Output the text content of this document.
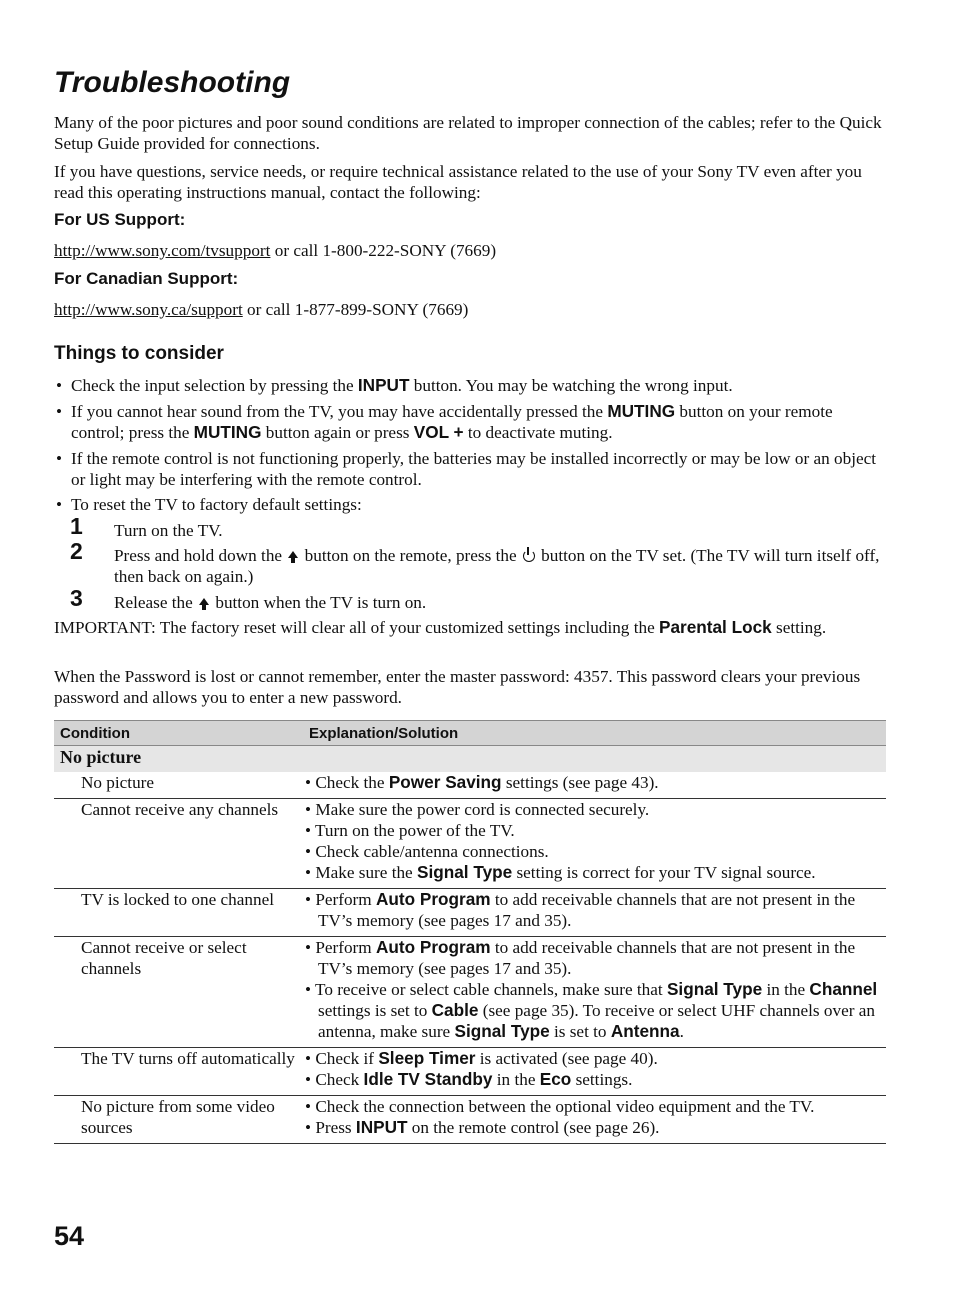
Troubleshooting

Many of the poor pictures and poor sound conditions are related to improper connection of the cables; refer to the Quick Setup Guide provided for connections.

If you have questions, service needs, or require technical assistance related to the use of your Sony TV even after you read this operating instructions manual, contact the following:

For US Support:

http://www.sony.com/tvsupport or call 1-800-222-SONY (7669)

For Canadian Support:

http://www.sony.ca/support or call 1-877-899-SONY (7669)

Things to consider

• Check the input selection by pressing the INPUT button. You may be watching the wrong input.
• If you cannot hear sound from the TV, you may have accidentally pressed the MUTING button on your remote control; press the MUTING button again or press VOL + to deactivate muting.
• If the remote control is not functioning properly, the batteries may be installed incorrectly or may be low or an object or light may be interfering with the remote control.
• To reset the TV to factory default settings:
1 Turn on the TV.
2 Press and hold down the  button on the remote, press the  button on the TV set. (The TV will turn itself off, then back on again.)
3 Release the  button when the TV is turn on.

IMPORTANT: The factory reset will clear all of your customized settings including the Parental Lock setting.

When the Password is lost or cannot remember, enter the master password: 4357. This password clears your previous password and allows you to enter a new password.

Condition	Explanation/Solution
No picture	
No picture	• Check the Power Saving settings (see page 43).

Cannot receive any channels	• Make sure the power cord is connected securely.
• Turn on the power of the TV.
• Check cable/antenna connections.
• Make sure the Signal Type setting is correct for your TV signal source.

TV is locked to one channel	• Perform Auto Program to add receivable channels that are not present in the TV’s memory (see pages 17 and 35).

Cannot receive or select channels	• Perform Auto Program to add receivable channels that are not present in the TV’s memory (see pages 17 and 35).
• To receive or select cable channels, make sure that Signal Type in the Channel settings is set to Cable (see page 35). To receive or select UHF channels over an antenna, make sure Signal Type is set to Antenna.

The TV turns off automatically	• Check if Sleep Timer is activated (see page 40).
• Check Idle TV Standby in the Eco settings.

No picture from some video sources	• Check the connection between the optional video equipment and the TV.
• Press INPUT on the remote control (see page 26).
54
